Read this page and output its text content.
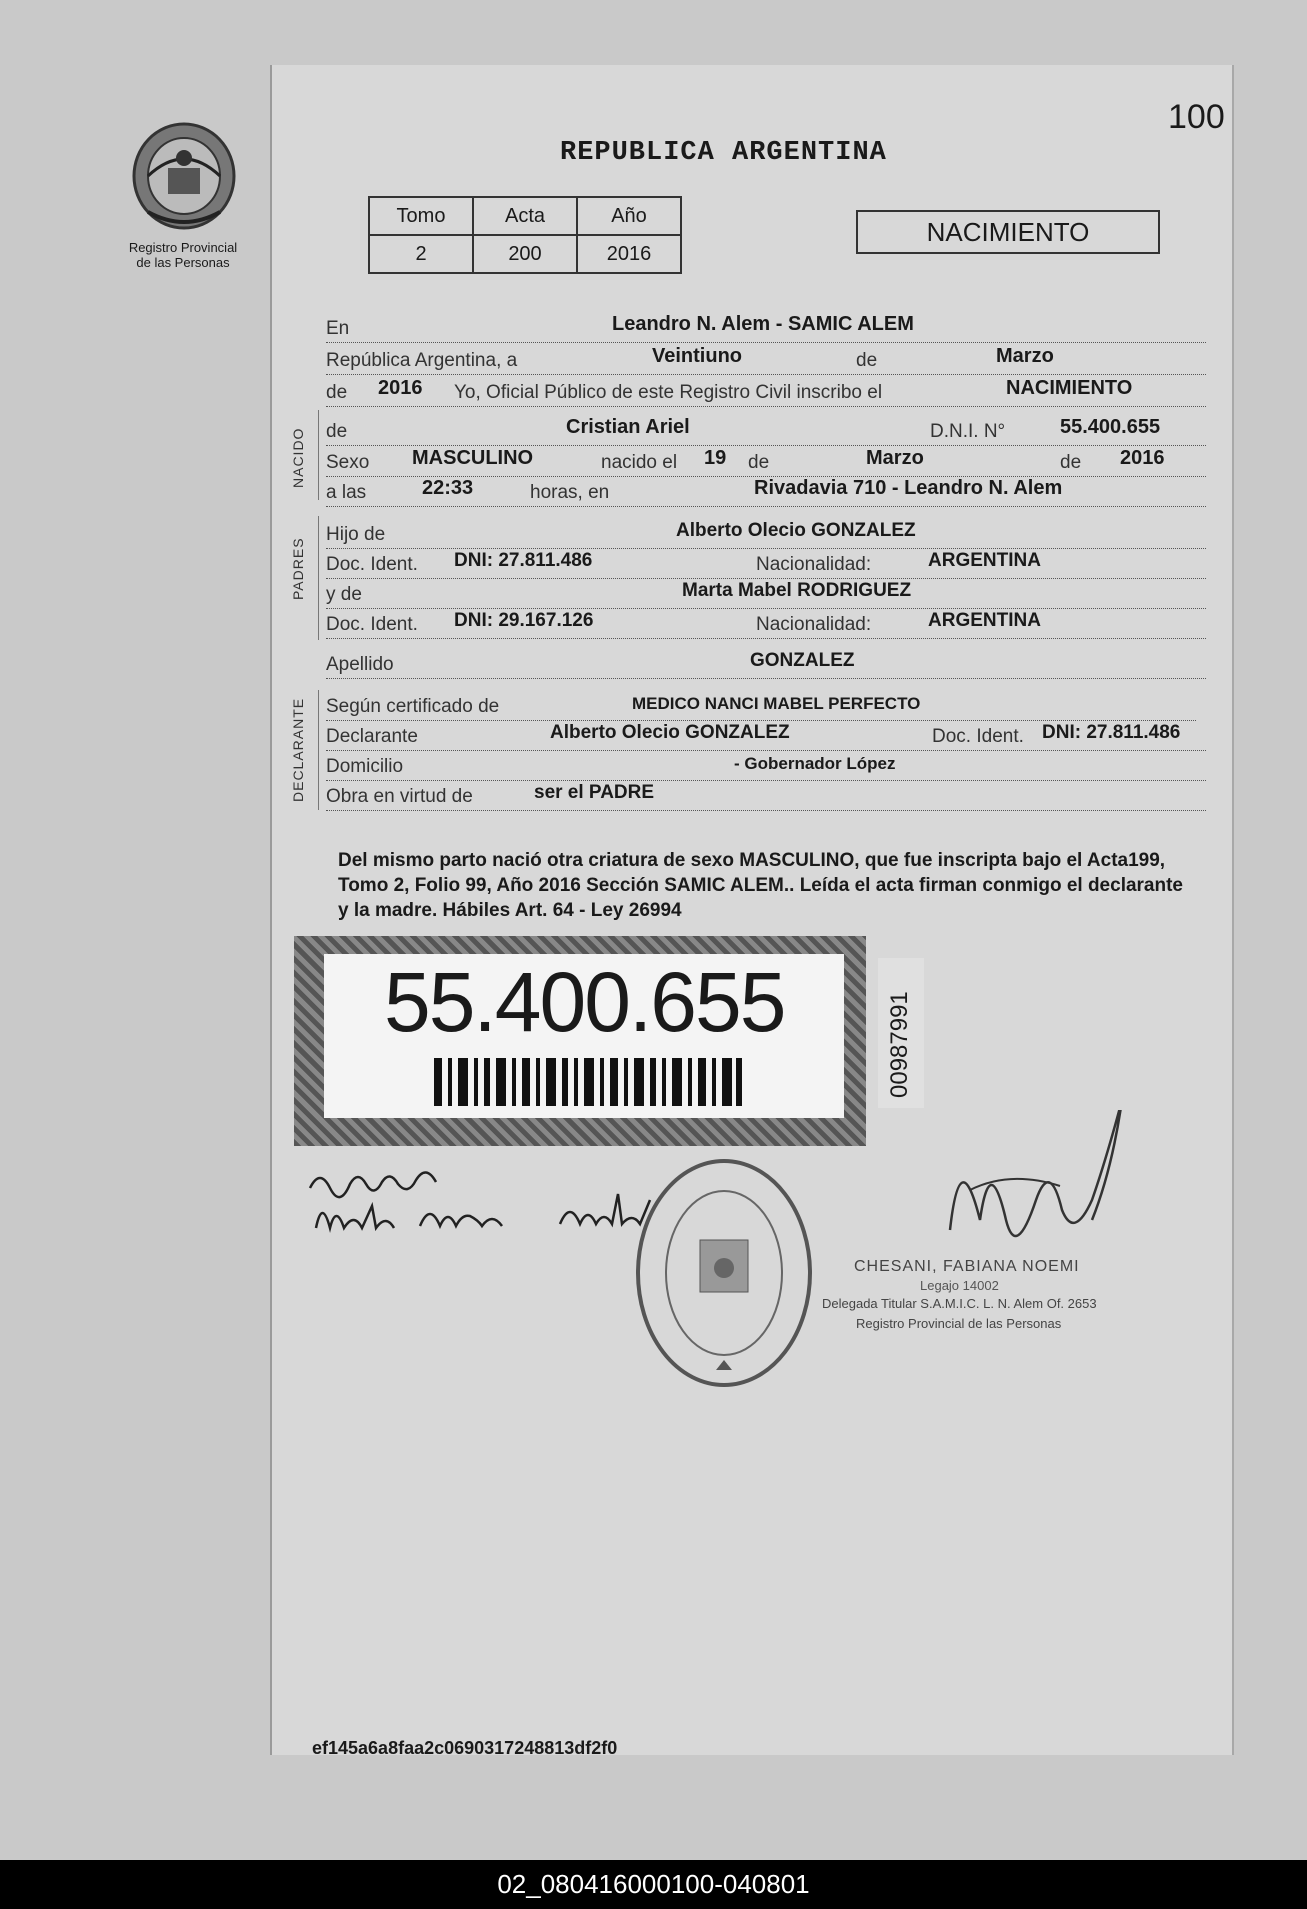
Registro Provincial
de las Personas
100
REPUBLICA ARGENTINA
Tomo	Acta	Año
2	200	2016
NACIMIENTO
En	Leandro N. Alem - SAMIC ALEM
República Argentina, a	Veintiuno	de	Marzo
de 2016 Yo, Oficial Público de este Registro Civil inscribo el	NACIMIENTO
NACIDO de	Cristian Ariel	D.N.I. N°	55.400.655
Sexo MASCULINO	nacido el 19 de	Marzo	de 2016
a las	22:33	horas, en	Rivadavia 710 - Leandro N. Alem
PADRES
Hijo de	Alberto Olecio GONZALEZ
Doc. Ident. DNI: 27.811.486	Nacionalidad:	ARGENTINA
y de	Marta Mabel RODRIGUEZ
Doc. Ident. DNI: 29.167.126	Nacionalidad:	ARGENTINA
Apellido	GONZALEZ
DECLARANTE Según certificado de	MEDICO NANCI MABEL PERFECTO
Declarante	Alberto Olecio GONZALEZ	Doc. Ident. DNI: 27.811.486
Domicilio	- Gobernador López
Obra en virtud de	ser el PADRE
Del mismo parto nació otra criatura de sexo MASCULINO, que fue inscripta bajo el Acta199, Tomo 2, Folio 99, Año 2016 Sección SAMIC ALEM.. Leída el acta firman conmigo el declarante y la madre. Hábiles Art. 64 - Ley 26994
55.400.655	00987991
CHESANI, FABIANA NOEMI
Legajo 14002
Delegada Titular S.A.M.I.C. L. N. Alem Of. 2653
Registro Provincial de las Personas
ef145a6a8faa2c0690317248813df2f0
02_080416000100-040801
